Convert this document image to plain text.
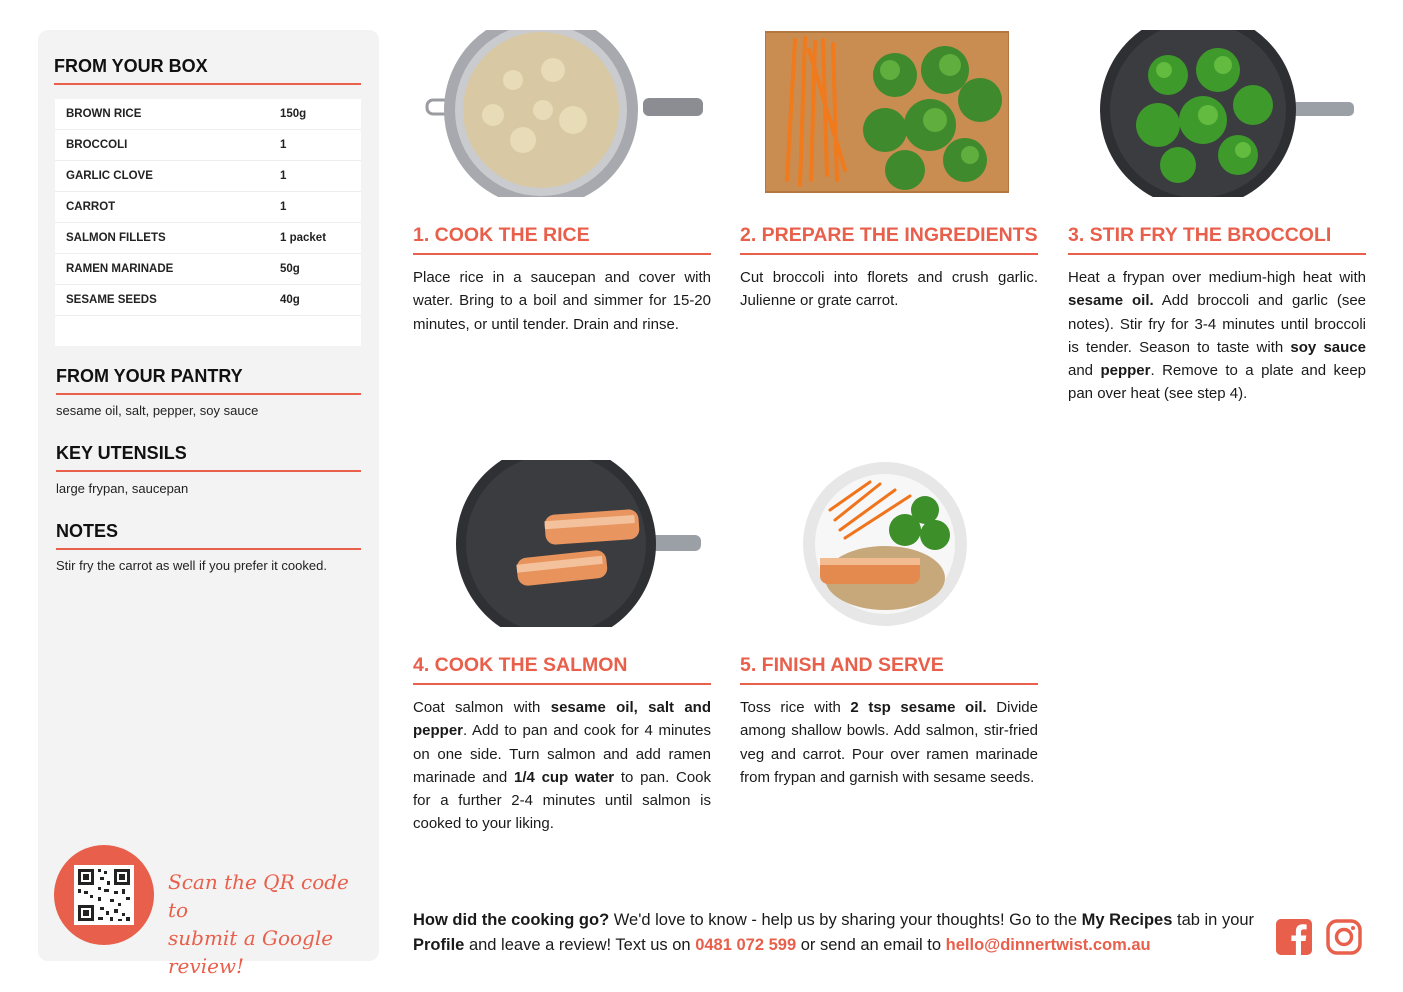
FROM YOUR BOX
BROWN RICE	150g
BROCCOLI	1
GARLIC CLOVE	1
CARROT	1
SALMON FILLETS	1 packet
RAMEN MARINADE	50g
SESAME SEEDS	40g
FROM YOUR PANTRY
sesame oil, salt, pepper, soy sauce
KEY UTENSILS
large frypan, saucepan
NOTES
Stir fry the carrot as well if you prefer it cooked.
Scan the QR code to
submit a Google review!
1. COOK THE RICE
Place rice in a saucepan and cover with water. Bring to a boil and simmer for 15-20 minutes, or until tender. Drain and rinse.
2. PREPARE THE INGREDIENTS
Cut broccoli into florets and crush garlic. Julienne or grate carrot.
3. STIR FRY THE BROCCOLI
Heat a frypan over medium-high heat with sesame oil. Add broccoli and garlic (see notes). Stir fry for 3-4 minutes until broccoli is tender. Season to taste with soy sauce and pepper. Remove to a plate and keep pan over heat (see step 4).
4. COOK THE SALMON
Coat salmon with sesame oil, salt and pepper. Add to pan and cook for 4 minutes on one side. Turn salmon and add ramen marinade and 1/4 cup water to pan. Cook for a further 2-4 minutes until salmon is cooked to your liking.
5. FINISH AND SERVE
Toss rice with 2 tsp sesame oil. Divide among shallow bowls. Add salmon, stir-fried veg and carrot. Pour over ramen marinade from frypan and garnish with sesame seeds.
How did the cooking go? We'd love to know - help us by sharing your thoughts! Go to the My Recipes tab in your Profile and leave a review! Text us on 0481 072 599 or send an email to hello@dinnertwist.com.au
